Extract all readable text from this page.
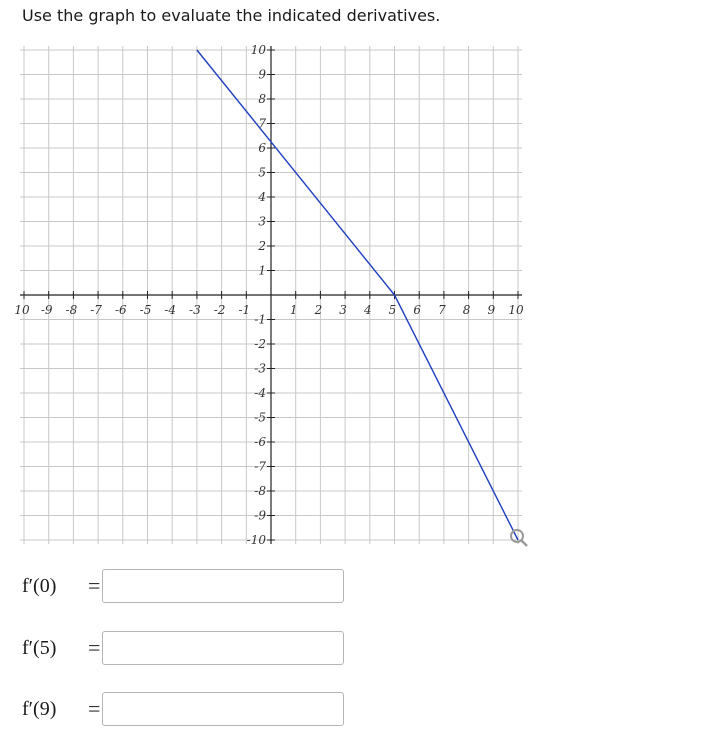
Use the graph to evaluate the indicated derivatives.
10 -9 -8 -7 -6 -5 -4 -3 -2 -1	1 2 3 4 5 6 7 8 9 10
10
9
8
7
6
5
4
3
2
1
-1
-2
-3
-4
-5
-6
-7
-8
-9
-10
f′(0)	=
f′(5)	=
f′(9)	=
